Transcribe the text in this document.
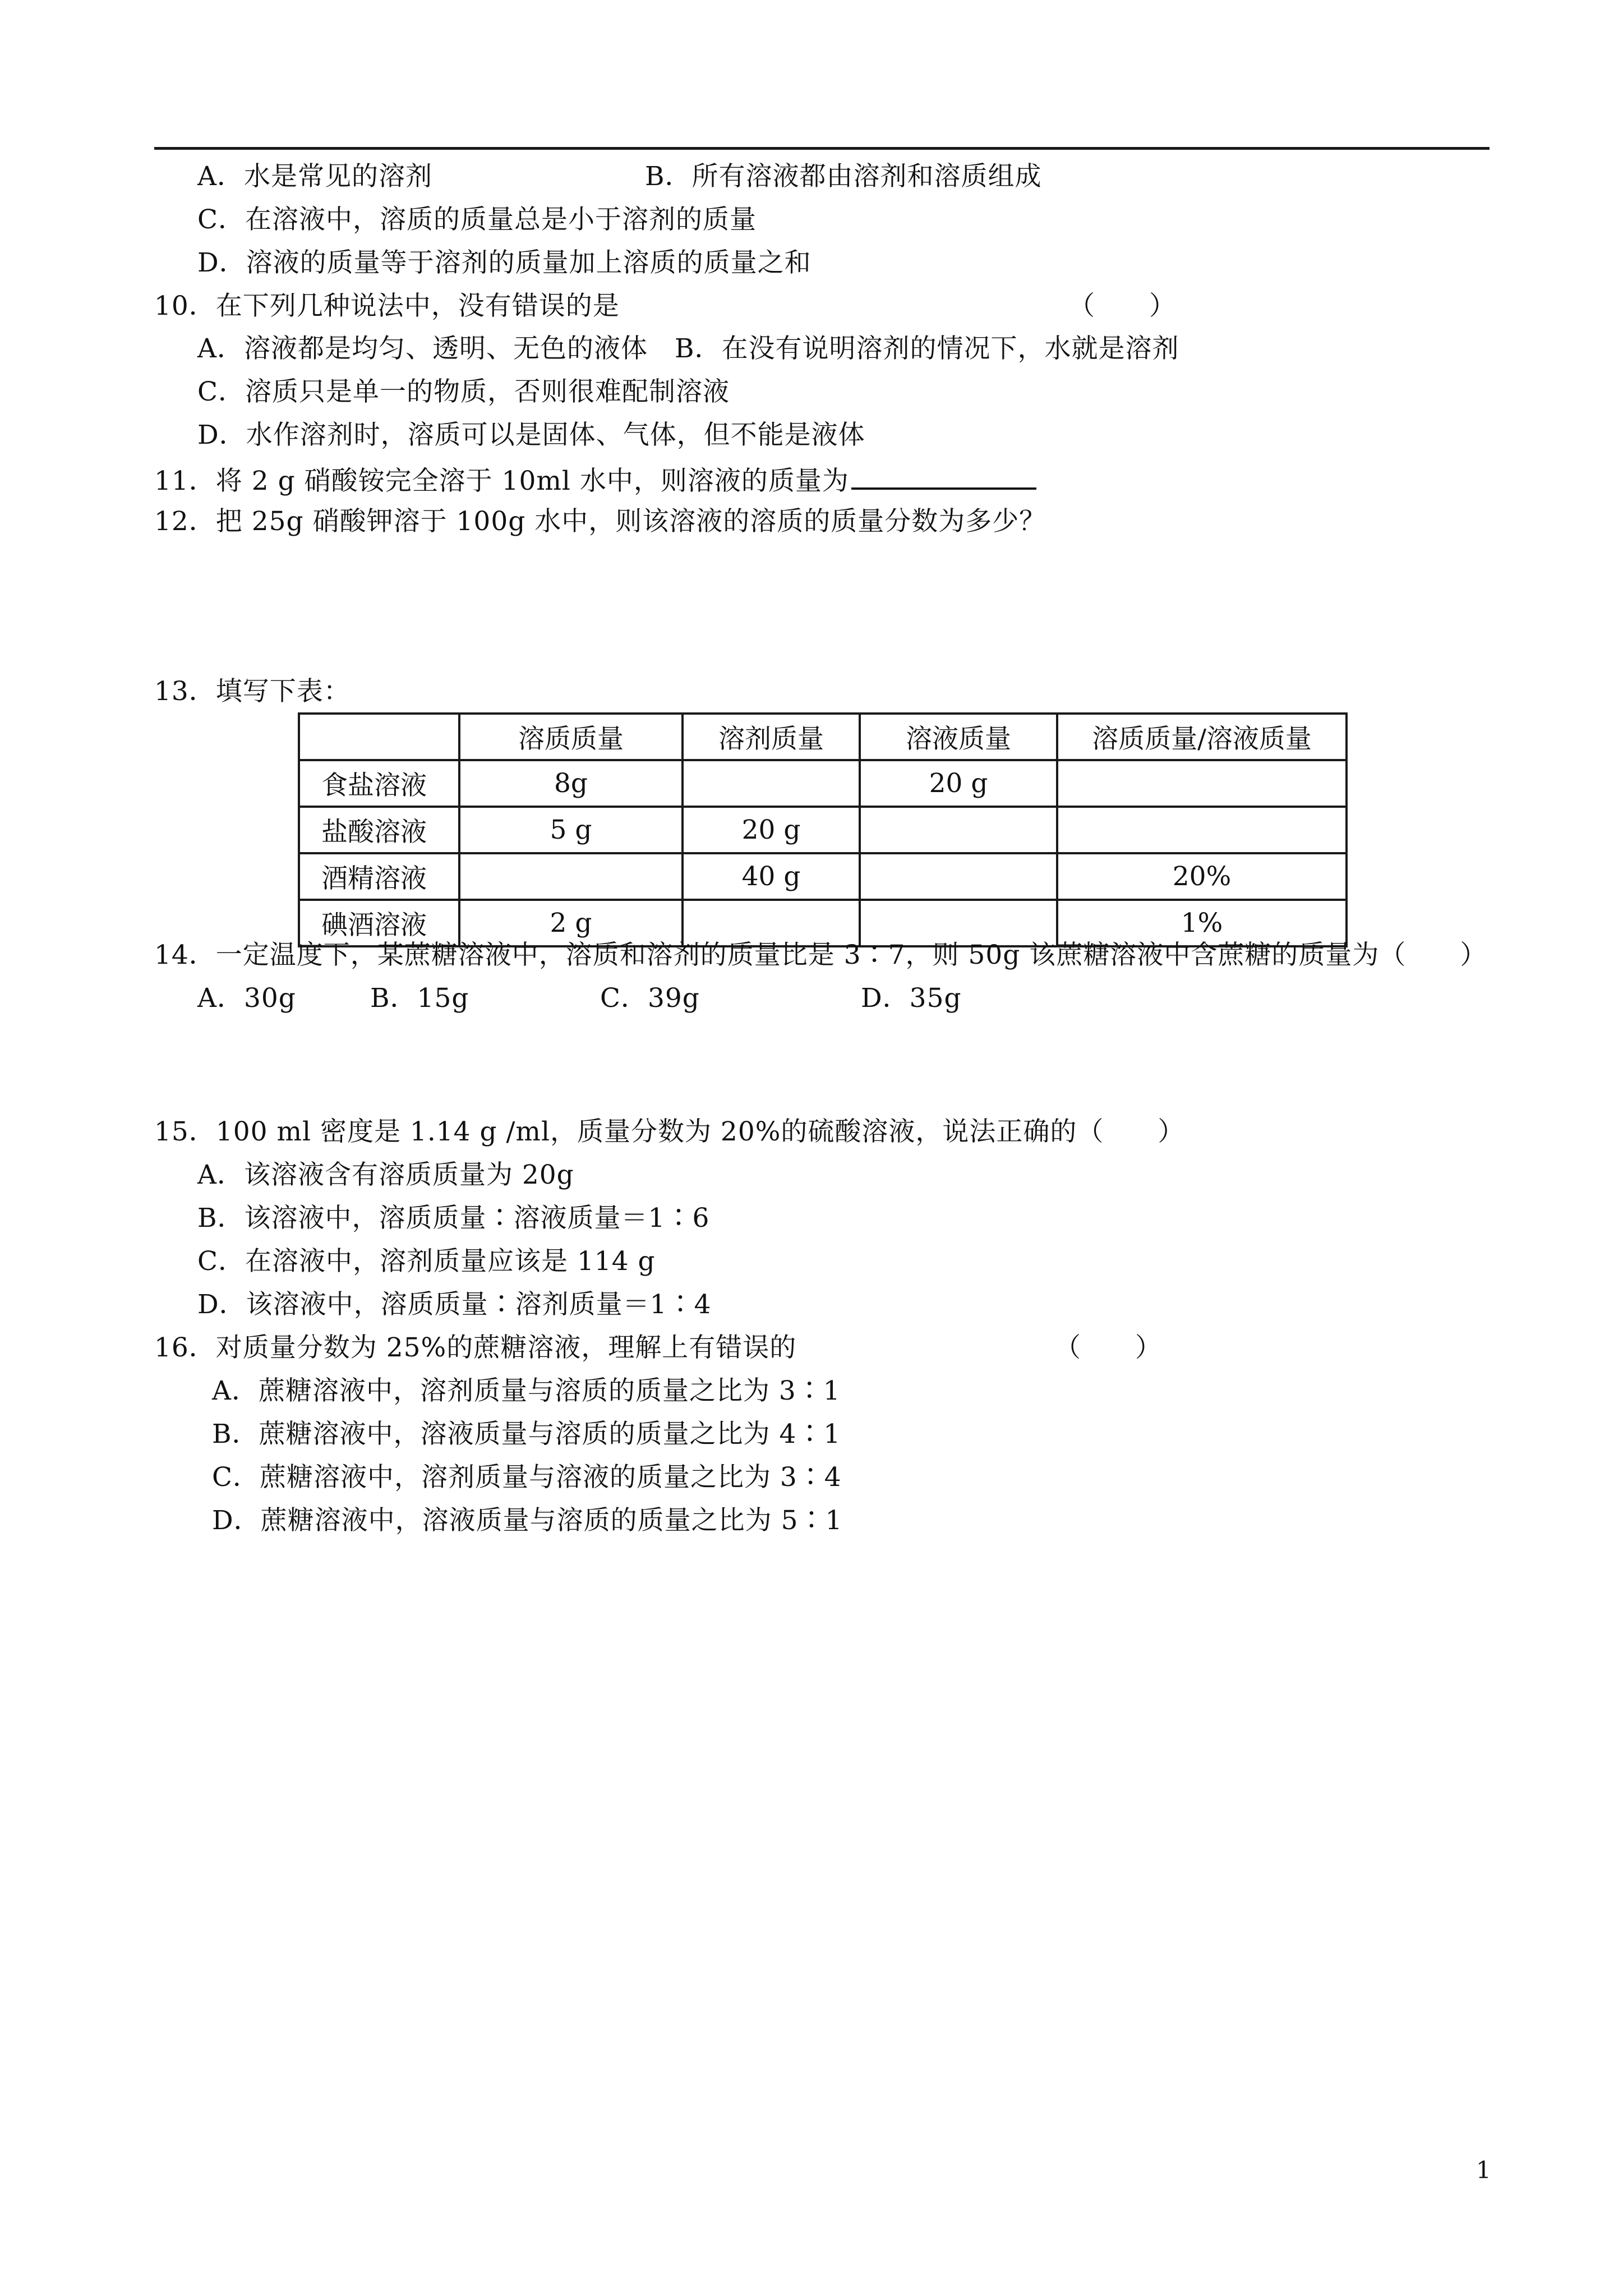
A．水是常见的溶剂	B．所有溶液都由溶剂和溶质组成
C．在溶液中，溶质的质量总是小于溶剂的质量
D．溶液的质量等于溶剂的质量加上溶质的质量之和
10．在下列几种说法中，没有错误的是	（　　）
A．溶液都是均匀、透明、无色的液体　B．在没有说明溶剂的情况下，水就是溶剂
C．溶质只是单一的物质，否则很难配制溶液
D．水作溶剂时，溶质可以是固体、气体，但不能是液体
11．将 2 g 硝酸铵完全溶于 10ml 水中，则溶液的质量为
12．把 25g 硝酸钾溶于 100g 水中，则该溶液的溶质的质量分数为多少？
13．填写下表：
	溶质质量	溶剂质量	溶液质量	溶质质量/溶液质量
食盐溶液	8g		20 g	
盐酸溶液	5 g	20 g		
酒精溶液		40 g		20%
碘酒溶液	2 g			1%
14．一定温度下，某蔗糖溶液中，溶质和溶剂的质量比是 3∶7，则 50g 该蔗糖溶液中含蔗糖的质量为（　　）
A．30g	B．15g	C．39g	D．35g
15．100 ml 密度是 1.14 g /ml，质量分数为 20%的硫酸溶液，说法正确的（　　）
A．该溶液含有溶质质量为 20g
B．该溶液中，溶质质量∶溶液质量＝1∶6
C．在溶液中，溶剂质量应该是 114 g
D．该溶液中，溶质质量∶溶剂质量＝1∶4
16．对质量分数为 25%的蔗糖溶液，理解上有错误的	（　　）
A．蔗糖溶液中，溶剂质量与溶质的质量之比为 3∶1
B．蔗糖溶液中，溶液质量与溶质的质量之比为 4∶1
C．蔗糖溶液中，溶剂质量与溶液的质量之比为 3∶4
D．蔗糖溶液中，溶液质量与溶质的质量之比为 5∶1
1
